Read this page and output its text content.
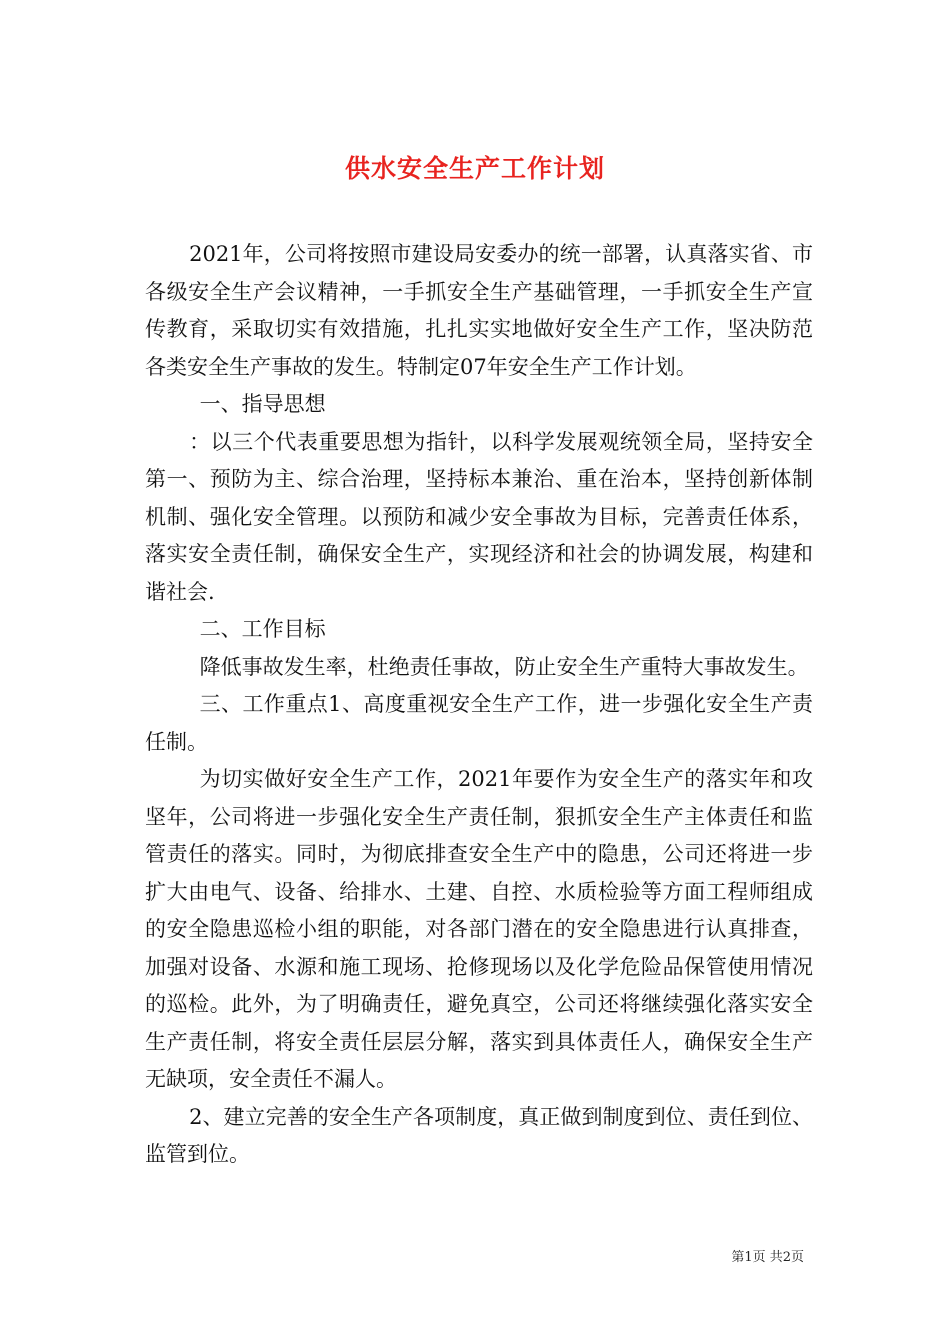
供水安全生产工作计划

2021年，公司将按照市建设局安委办的统一部署，认真落实省、市各级安全生产会议精神，一手抓安全生产基础管理，一手抓安全生产宣传教育，采取切实有效措施，扎扎实实地做好安全生产工作，坚决防范各类安全生产事故的发生。特制定07年安全生产工作计划。

一、指导思想

：以三个代表重要思想为指针，以科学发展观统领全局，坚持安全第一、预防为主、综合治理，坚持标本兼治、重在治本，坚持创新体制机制、强化安全管理。以预防和减少安全事故为目标，完善责任体系，落实安全责任制，确保安全生产，实现经济和社会的协调发展，构建和谐社会.

二、工作目标

降低事故发生率，杜绝责任事故，防止安全生产重特大事故发生。

三、工作重点1、高度重视安全生产工作，进一步强化安全生产责任制。

为切实做好安全生产工作，2021年要作为安全生产的落实年和攻坚年，公司将进一步强化安全生产责任制，狠抓安全生产主体责任和监管责任的落实。同时，为彻底排查安全生产中的隐患，公司还将进一步扩大由电气、设备、给排水、土建、自控、水质检验等方面工程师组成的安全隐患巡检小组的职能，对各部门潜在的安全隐患进行认真排查，加强对设备、水源和施工现场、抢修现场以及化学危险品保管使用情况的巡检。此外，为了明确责任，避免真空，公司还将继续强化落实安全生产责任制，将安全责任层层分解，落实到具体责任人，确保安全生产无缺项，安全责任不漏人。

2、建立完善的安全生产各项制度，真正做到制度到位、责任到位、监管到位。

第1页 共2页
